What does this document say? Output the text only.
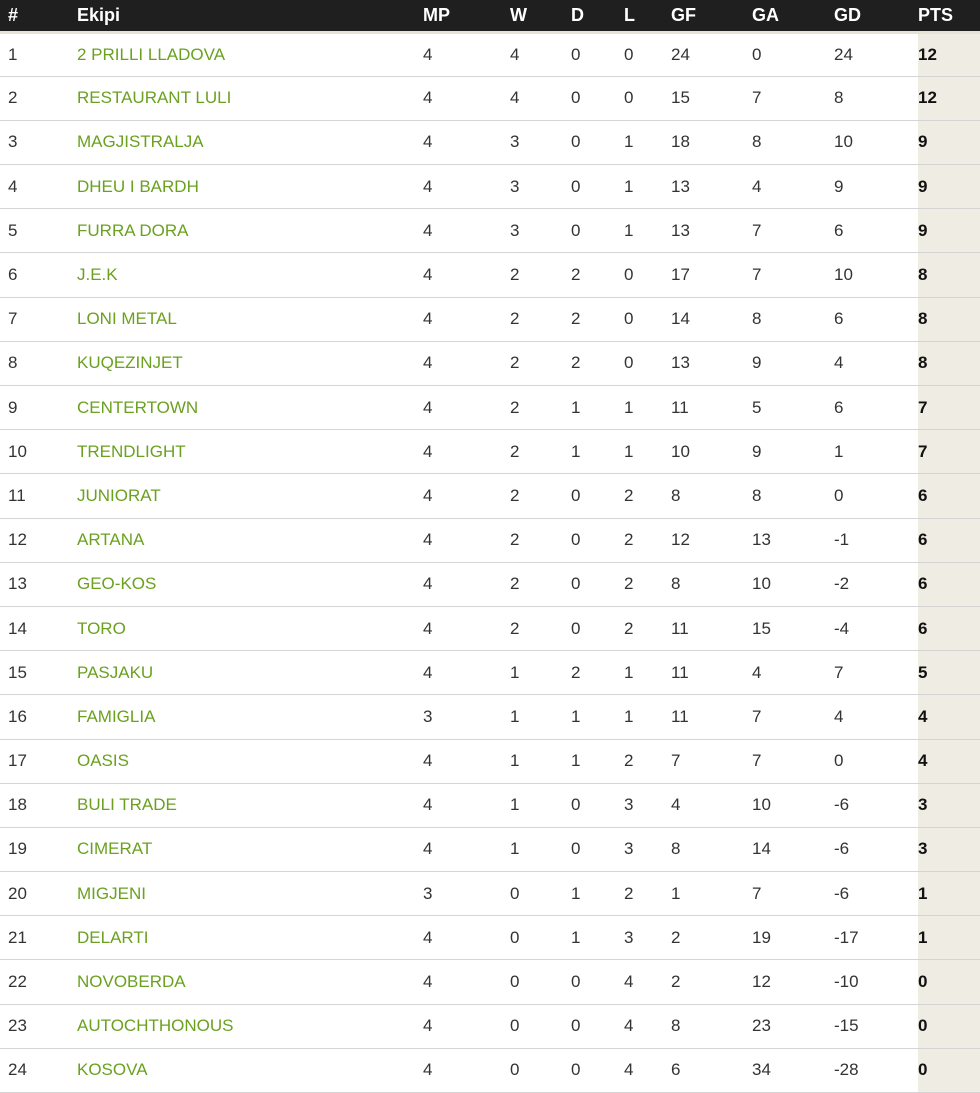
#	Ekipi	MP	W	D	L	GF	GA	GD	PTS
1	2 PRILLI LLADOVA	4	4	0	0	24	0	24	12
2	RESTAURANT LULI	4	4	0	0	15	7	8	12
3	MAGJISTRALJA	4	3	0	1	18	8	10	9
4	DHEU I BARDH	4	3	0	1	13	4	9	9
5	FURRA DORA	4	3	0	1	13	7	6	9
6	J.E.K	4	2	2	0	17	7	10	8
7	LONI METAL	4	2	2	0	14	8	6	8
8	KUQEZINJET	4	2	2	0	13	9	4	8
9	CENTERTOWN	4	2	1	1	11	5	6	7
10	TRENDLIGHT	4	2	1	1	10	9	1	7
11	JUNIORAT	4	2	0	2	8	8	0	6
12	ARTANA	4	2	0	2	12	13	-1	6
13	GEO-KOS	4	2	0	2	8	10	-2	6
14	TORO	4	2	0	2	11	15	-4	6
15	PASJAKU	4	1	2	1	11	4	7	5
16	FAMIGLIA	3	1	1	1	11	7	4	4
17	OASIS	4	1	1	2	7	7	0	4
18	BULI TRADE	4	1	0	3	4	10	-6	3
19	CIMERAT	4	1	0	3	8	14	-6	3
20	MIGJENI	3	0	1	2	1	7	-6	1
21	DELARTI	4	0	1	3	2	19	-17	1
22	NOVOBERDA	4	0	0	4	2	12	-10	0
23	AUTOCHTHONOUS	4	0	0	4	8	23	-15	0
24	KOSOVA	4	0	0	4	6	34	-28	0
